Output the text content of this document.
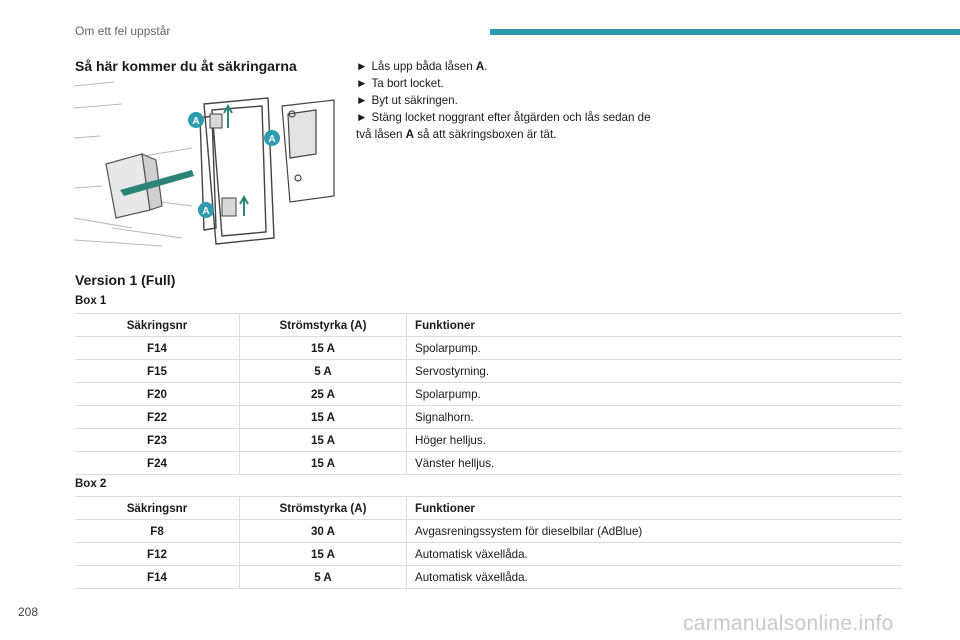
Om ett fel uppstår
Så här kommer du åt säkringarna
A
A
A

► Lås upp båda låsen A.

► Ta bort locket.

► Byt ut säkringen.

► Stäng locket noggrant efter åtgärden och lås sedan de två låsen A så att säkringsboxen är tät.

Version 1 (Full)
Box 1
Säkringsnr	Strömstyrka (A)	Funktioner
F14	15 A	Spolarpump.
F15	5 A	Servostyrning.
F20	25 A	Spolarpump.
F22	15 A	Signalhorn.
F23	15 A	Höger helljus.
F24	15 A	Vänster helljus.
Box 2
Säkringsnr	Strömstyrka (A)	Funktioner
F8	30 A	Avgasreningssystem för dieselbilar (AdBlue)
F12	15 A	Automatisk växellåda.
F14	5 A	Automatisk växellåda.
208	carmanualsonline.info
